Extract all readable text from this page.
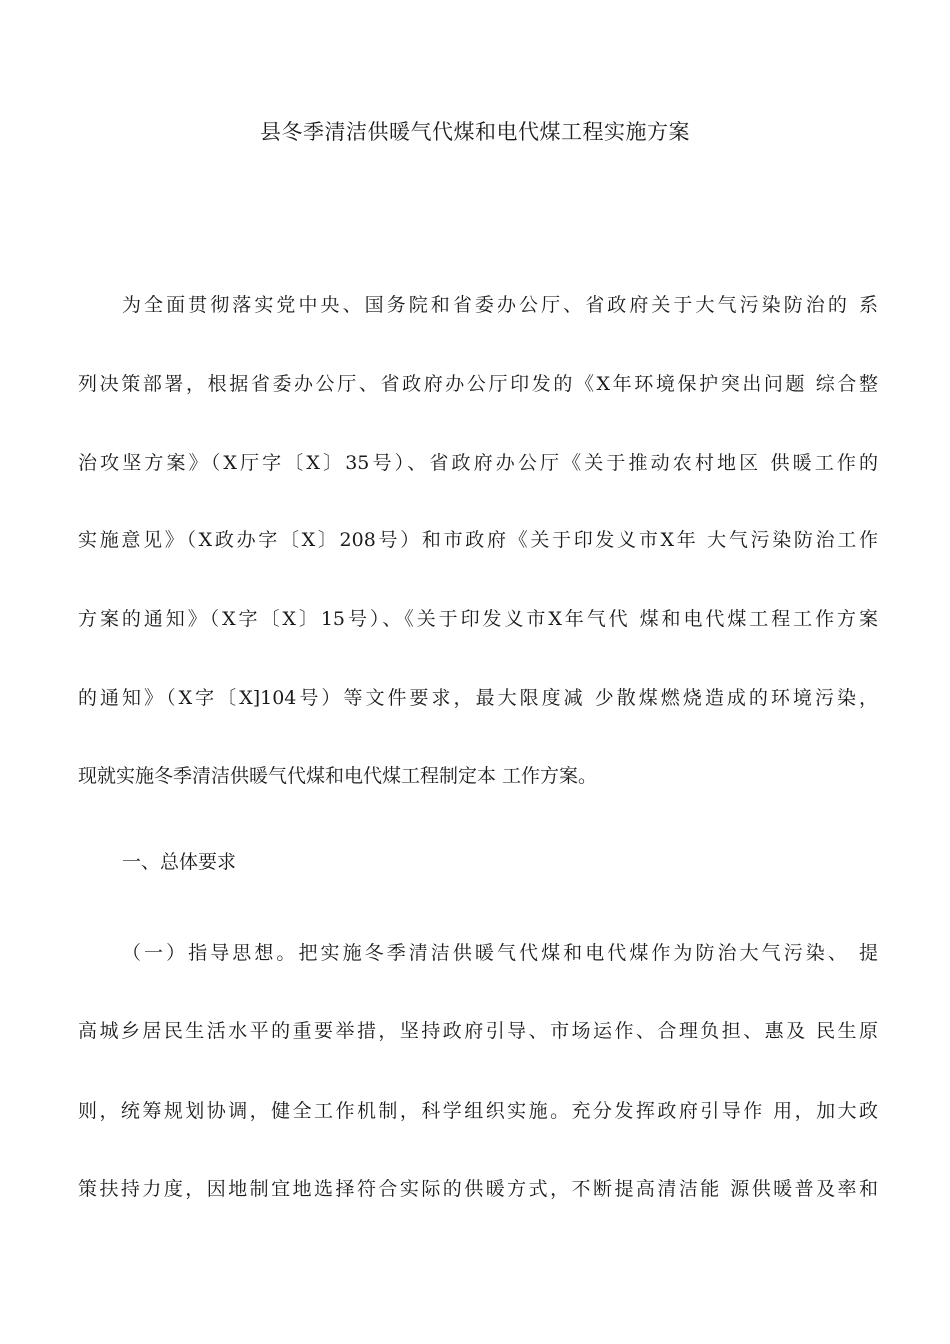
县冬季清洁供暖气代煤和电代煤工程实施方案
为全面贯彻落实党中央、国务院和省委办公厅、省政府关于大气污染防治的 系
列决策部署，根据省委办公厅、省政府办公厅印发的《X年环境保护突出问题 综合整
治攻坚方案》（X厅字〔X〕35号）、省政府办公厅《关于推动农村地区 供暖工作的
实施意见》（X政办字〔X〕208号）和市政府《关于印发义市X年 大气污染防治工作
方案的通知》（X字〔X〕15号）、《关于印发义市X年气代 煤和电代煤工程工作方案
的通知》（X字〔X]104号）等文件要求，最大限度减 少散煤燃烧造成的环境污染，
现就实施冬季清洁供暖气代煤和电代煤工程制定本 工作方案。
一、总体要求
（一）指导思想。把实施冬季清洁供暖气代煤和电代煤作为防治大气污染、 提
高城乡居民生活水平的重要举措，坚持政府引导、市场运作、合理负担、惠及 民生原
则，统筹规划协调，健全工作机制，科学组织实施。充分发挥政府引导作 用，加大政
策扶持力度，因地制宜地选择符合实际的供暖方式，不断提高清洁能 源供暖普及率和
